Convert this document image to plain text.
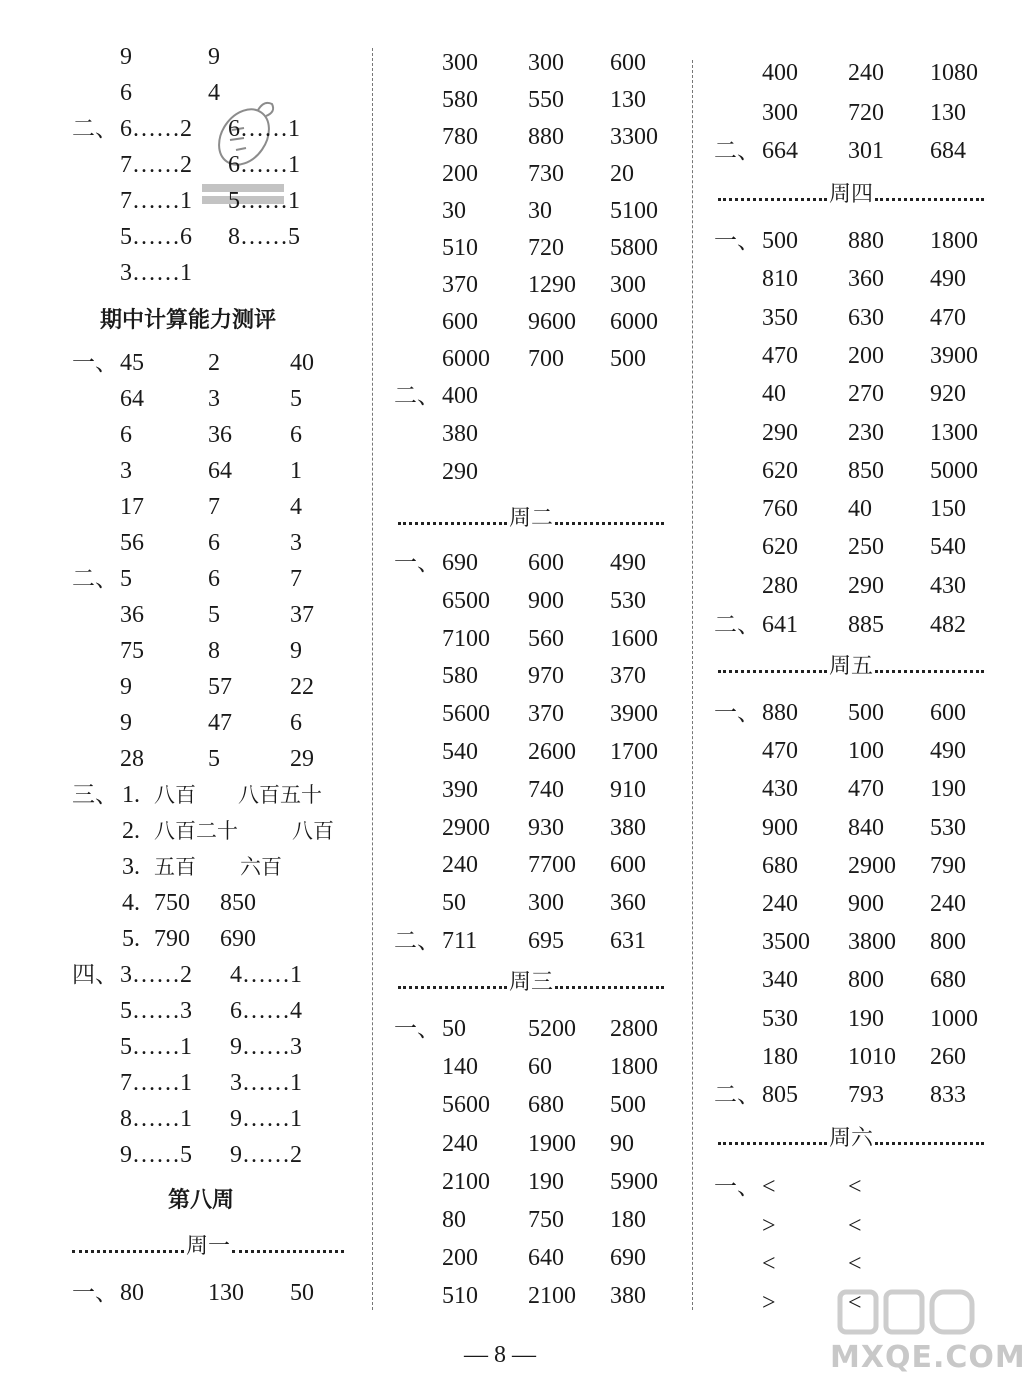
MXQE.COM
— 8 —
9	9
6	4
二、 6……2 6……1
7……2 6……1
7……1 5……1
5……6 8……5
3……1
期中计算能力测评
一、 45	2	40
64	3	5
6	36 6
3	64 1
17	7	4
56	6	3
二、 5	6	7
36	5	37
75	8	9
9	57 22
9	47 6
28	5	29
三、 1. 八百 八百五十
2. 八百二十	八百
3. 五百 六百
4. 750 850
5. 790 690
四、 3……2 4……1
5……3 6……4
5……1 9……3
7……1 3……1
8……1 9……1
9……5 9……2
第八周
周一
一、 80	130 50
300 300 600
580 550 130
780 880 3300
200 730 20
30	30 5100
510 720 5800
370 1290 300
600 9600 6000
6000 700 500
二、 400
380
290
周二
一、 690 600 490
6500 900 530
7100 560 1600
580 970 370
5600 370 3900
540 2600 1700
390 740 910
2900 930 380
240 7700 600
50	300 360
二、 711 695 631
周三
一、 50	5200 2800
140 60 1800
5600 680 500
240 1900 90
2100 190 5900
80	750 180
200 640 690
510 2100 380
400 240 1080
300 720 130
二、 664 301 684
周四
一、 500 880 1800
810 360 490
350 630 470
470 200 3900
40	270 920
290 230 1300
620 850 5000
760 40 150
620 250 540
280 290 430
二、 641 885 482
周五
一、 880 500 600
470 100 490
430 470 190
900 840 530
680 2900 790
240 900 240
3500 3800 800
340 800 680
530 190 1000
180 1010 260
二、 805 793 833
周六
一、 <	<
>	<
<	<
>	<
